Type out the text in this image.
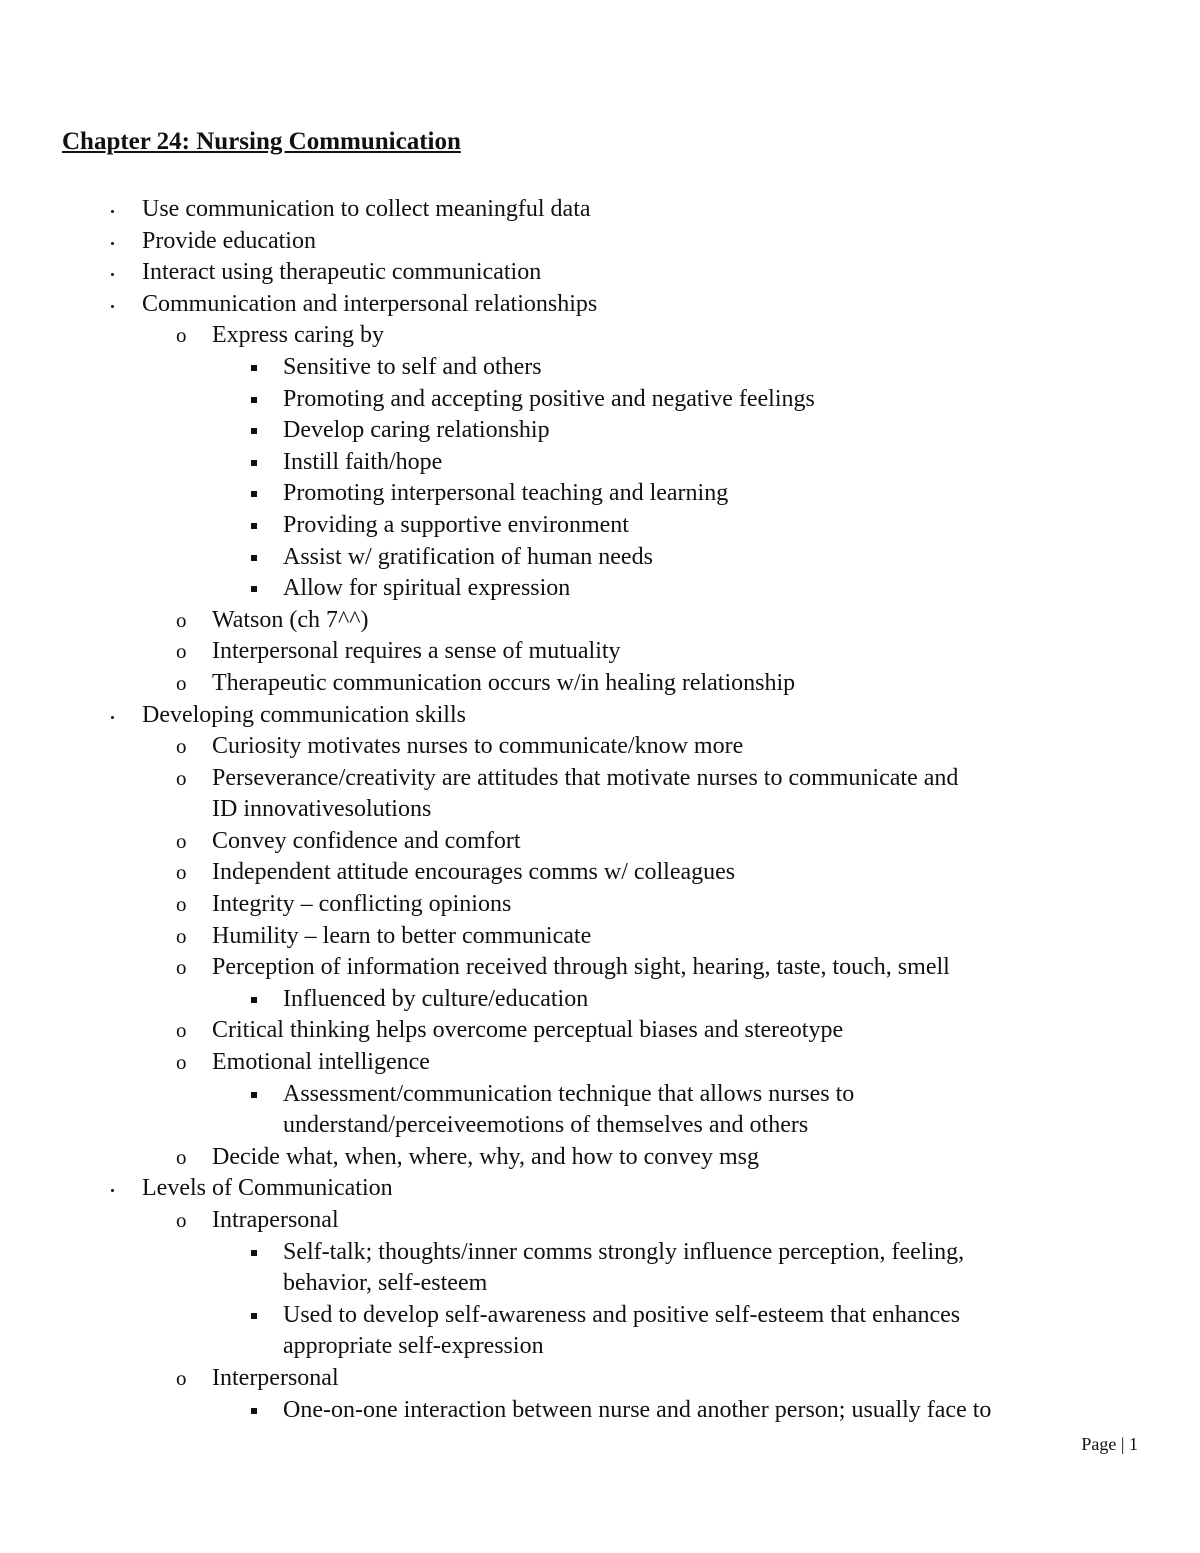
Chapter 24: Nursing Communication
Use communication to collect meaningful data
Provide education
Interact using therapeutic communication
Communication and interpersonal relationships
o Express caring by
Sensitive to self and others
Promoting and accepting positive and negative feelings
Develop caring relationship
Instill faith/hope
Promoting interpersonal teaching and learning
Providing a supportive environment
Assist w/ gratification of human needs
Allow for spiritual expression
o Watson (ch 7^^)
o Interpersonal requires a sense of mutuality
o Therapeutic communication occurs w/in healing relationship
Developing communication skills
o Curiosity motivates nurses to communicate/know more
o Perseverance/creativity are attitudes that motivate nurses to communicate and
ID innovativesolutions
o Convey confidence and comfort
o Independent attitude encourages comms w/ colleagues
o Integrity – conflicting opinions
o Humility – learn to better communicate
o Perception of information received through sight, hearing, taste, touch, smell
Influenced by culture/education
o Critical thinking helps overcome perceptual biases and stereotype
o Emotional intelligence
Assessment/communication technique that allows nurses to
understand/perceiveemotions of themselves and others
o Decide what, when, where, why, and how to convey msg
Levels of Communication
o Intrapersonal
Self-talk; thoughts/inner comms strongly influence perception, feeling,
behavior, self-esteem
Used to develop self-awareness and positive self-esteem that enhances
appropriate self-expression
o Interpersonal
One-on-one interaction between nurse and another person; usually face to
Page | 1
